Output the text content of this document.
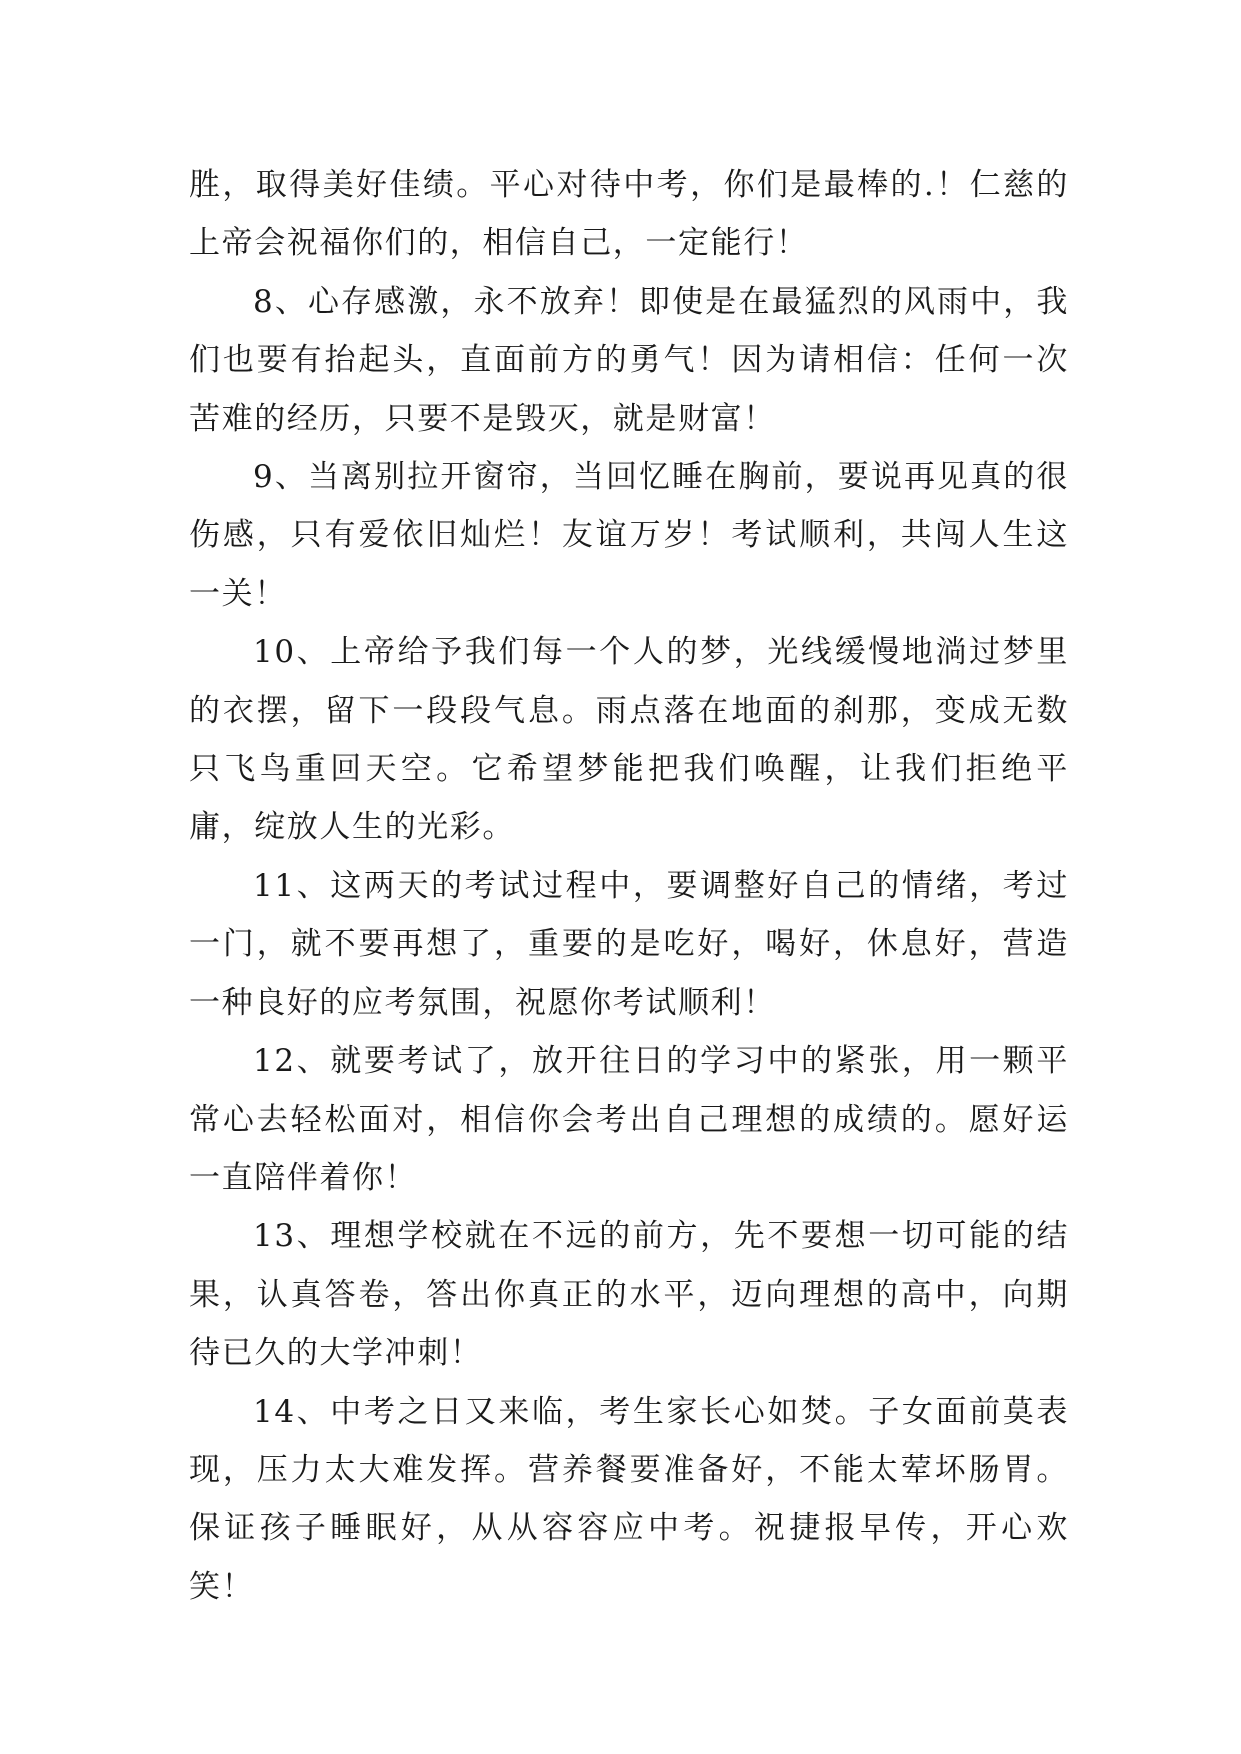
胜，取得美好佳绩。平心对待中考，你们是最棒的.！仁慈的上帝会祝福你们的，相信自己，一定能行！

8、心存感激，永不放弃！即使是在最猛烈的风雨中，我们也要有抬起头，直面前方的勇气！因为请相信：任何一次苦难的经历，只要不是毁灭，就是财富！

9、当离别拉开窗帘，当回忆睡在胸前，要说再见真的很伤感，只有爱依旧灿烂！友谊万岁！考试顺利，共闯人生这一关！

10、上帝给予我们每一个人的梦，光线缓慢地淌过梦里的衣摆，留下一段段气息。雨点落在地面的刹那，变成无数只飞鸟重回天空。它希望梦能把我们唤醒，让我们拒绝平庸，绽放人生的光彩。

11、这两天的考试过程中，要调整好自己的情绪，考过一门，就不要再想了，重要的是吃好，喝好，休息好，营造一种良好的应考氛围，祝愿你考试顺利！

12、就要考试了，放开往日的学习中的紧张，用一颗平常心去轻松面对，相信你会考出自己理想的成绩的。愿好运一直陪伴着你！

13、理想学校就在不远的前方，先不要想一切可能的结果，认真答卷，答出你真正的水平，迈向理想的高中，向期待已久的大学冲刺！

14、中考之日又来临，考生家长心如焚。子女面前莫表现，压力太大难发挥。营养餐要准备好，不能太荤坏肠胃。保证孩子睡眠好，从从容容应中考。祝捷报早传，开心欢笑！
